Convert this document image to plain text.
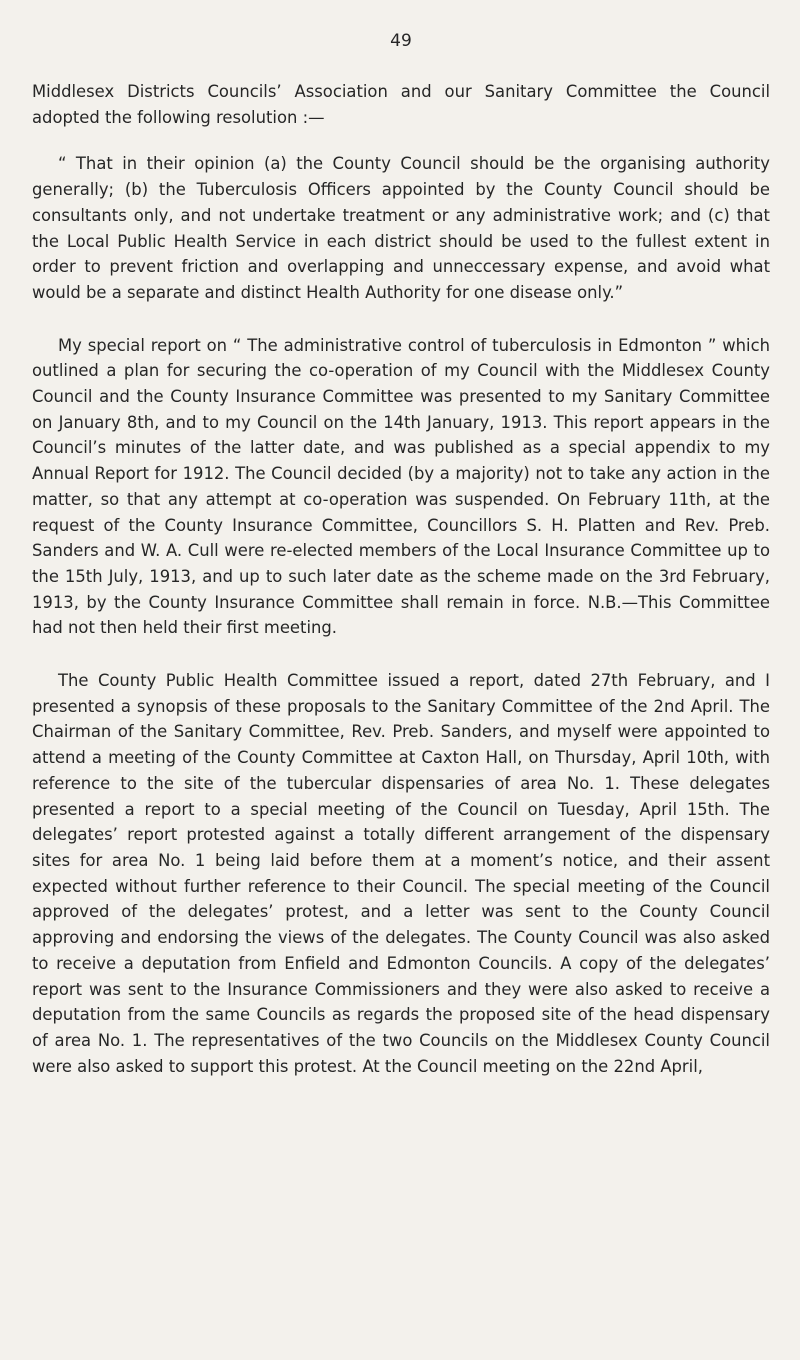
49

Middlesex Districts Councils’ Association and our Sanitary Committee the Council adopted the following resolution :—

“ That in their opinion (a) the County Council should be the organising authority generally; (b) the Tuberculosis Officers appointed by the County Council should be consultants only, and not undertake treatment or any administrative work; and (c) that the Local Public Health Service in each district should be used to the fullest extent in order to prevent friction and overlapping and unneccessary expense, and avoid what would be a separate and distinct Health Authority for one disease only.”

My special report on “ The administrative control of tuberculosis in Edmonton ” which outlined a plan for securing the co-operation of my Council with the Middlesex County Council and the County Insurance Committee was presented to my Sanitary Committee on January 8th, and to my Council on the 14th January, 1913. This report appears in the Council’s minutes of the latter date, and was published as a special appendix to my Annual Report for 1912. The Council decided (by a majority) not to take any action in the matter, so that any attempt at co-operation was suspended. On February 11th, at the request of the County Insurance Committee, Councillors S. H. Platten and Rev. Preb. Sanders and W. A. Cull were re-elected members of the Local Insurance Committee up to the 15th July, 1913, and up to such later date as the scheme made on the 3rd February, 1913, by the County Insurance Committee shall remain in force. N.B.—This Committee had not then held their first meeting.

The County Public Health Committee issued a report, dated 27th February, and I presented a synopsis of these proposals to the Sanitary Committee of the 2nd April. The Chairman of the Sanitary Committee, Rev. Preb. Sanders, and myself were appointed to attend a meeting of the County Committee at Caxton Hall, on Thursday, April 10th, with reference to the site of the tubercular dispensaries of area No. 1. These delegates presented a report to a special meeting of the Council on Tuesday, April 15th. The delegates’ report protested against a totally different arrangement of the dispensary sites for area No. 1 being laid before them at a moment’s notice, and their assent expected without further reference to their Council. The special meeting of the Council approved of the delegates’ protest, and a letter was sent to the County Council approving and endorsing the views of the delegates. The County Council was also asked to receive a deputation from Enfield and Edmonton Councils. A copy of the delegates’ report was sent to the Insurance Commissioners and they were also asked to receive a deputation from the same Councils as regards the proposed site of the head dispensary of area No. 1. The representatives of the two Councils on the Middlesex County Council were also asked to support this protest. At the Council meeting on the 22nd April,
